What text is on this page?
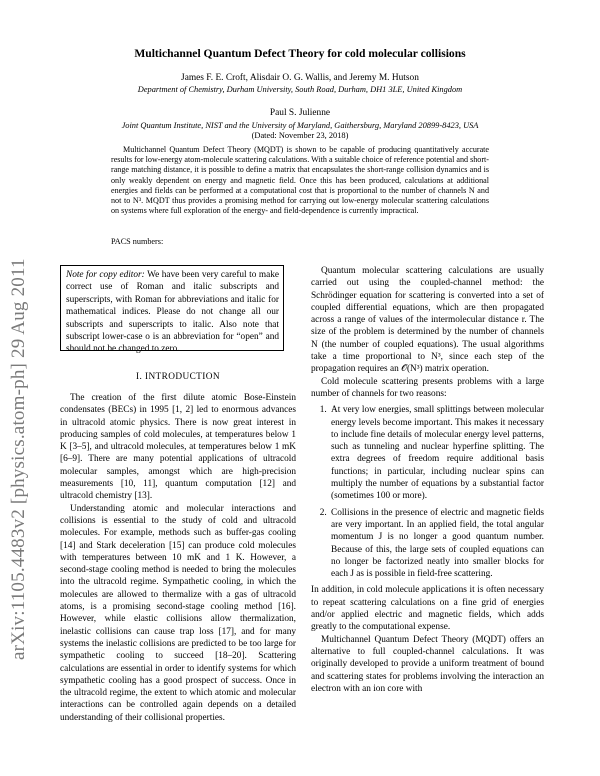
arXiv:1105.4483v2 [physics.atom-ph] 29 Aug 2011
Multichannel Quantum Defect Theory for cold molecular collisions
James F. E. Croft, Alisdair O. G. Wallis, and Jeremy M. Hutson
Department of Chemistry, Durham University, South Road, Durham, DH1 3LE, United Kingdom
Paul S. Julienne
Joint Quantum Institute, NIST and the University of Maryland, Gaithersburg, Maryland 20899-8423, USA
(Dated: November 23, 2018)
Multichannel Quantum Defect Theory (MQDT) is shown to be capable of producing quantitatively accurate results for low-energy atom-molecule scattering calculations. With a suitable choice of reference potential and short-range matching distance, it is possible to define a matrix that encapsulates the short-range collision dynamics and is only weakly dependent on energy and magnetic field. Once this has been produced, calculations at additional energies and fields can be performed at a computational cost that is proportional to the number of channels N and not to N³. MQDT thus provides a promising method for carrying out low-energy molecular scattering calculations on systems where full exploration of the energy- and field-dependence is currently impractical.
PACS numbers:
Note for copy editor: We have been very careful to make correct use of Roman and italic subscripts and superscripts, with Roman for abbreviations and italic for mathematical indices. Please do not change all our subscripts and superscripts to italic. Also note that subscript lower-case o is an abbreviation for “open” and should not be changed to zero.
I. INTRODUCTION

The creation of the first dilute atomic Bose-Einstein condensates (BECs) in 1995 [1, 2] led to enormous advances in ultracold atomic physics. There is now great interest in producing samples of cold molecules, at temperatures below 1 K [3–5], and ultracold molecules, at temperatures below 1 mK [6–9]. There are many potential applications of ultracold molecular samples, amongst which are high-precision measurements [10, 11], quantum computation [12] and ultracold chemistry [13].

Understanding atomic and molecular interactions and collisions is essential to the study of cold and ultracold molecules. For example, methods such as buffer-gas cooling [14] and Stark deceleration [15] can produce cold molecules with temperatures between 10 mK and 1 K. However, a second-stage cooling method is needed to bring the molecules into the ultracold regime. Sympathetic cooling, in which the molecules are allowed to thermalize with a gas of ultracold atoms, is a promising second-stage cooling method [16]. However, while elastic collisions allow thermalization, inelastic collisions can cause trap loss [17], and for many systems the inelastic collisions are predicted to be too large for sympathetic cooling to succeed [18–20]. Scattering calculations are essential in order to identify systems for which sympathetic cooling has a good prospect of success. Once in the ultracold regime, the extent to which atomic and molecular interactions can be controlled again depends on a detailed understanding of their collisional properties.

Quantum molecular scattering calculations are usually carried out using the coupled-channel method: the Schrödinger equation for scattering is converted into a set of coupled differential equations, which are then propagated across a range of values of the intermolecular distance r. The size of the problem is determined by the number of channels N (the number of coupled equations). The usual algorithms take a time proportional to N³, since each step of the propagation requires an 𝒪(N³) matrix operation.

Cold molecule scattering presents problems with a large number of channels for two reasons:

1. At very low energies, small splittings between molecular energy levels become important. This makes it necessary to include fine details of molecular energy level patterns, such as tunneling and nuclear hyperfine splitting. The extra degrees of freedom require additional basis functions; in particular, including nuclear spins can multiply the number of equations by a substantial factor (sometimes 100 or more).
2. Collisions in the presence of electric and magnetic fields are very important. In an applied field, the total angular momentum J is no longer a good quantum number. Because of this, the large sets of coupled equations can no longer be factorized neatly into smaller blocks for each J as is possible in field-free scattering.

In addition, in cold molecule applications it is often necessary to repeat scattering calculations on a fine grid of energies and/or applied electric and magnetic fields, which adds greatly to the computational expense.

Multichannel Quantum Defect Theory (MQDT) offers an alternative to full coupled-channel calculations. It was originally developed to provide a uniform treatment of bound and scattering states for problems involving the interaction an electron with an ion core with
